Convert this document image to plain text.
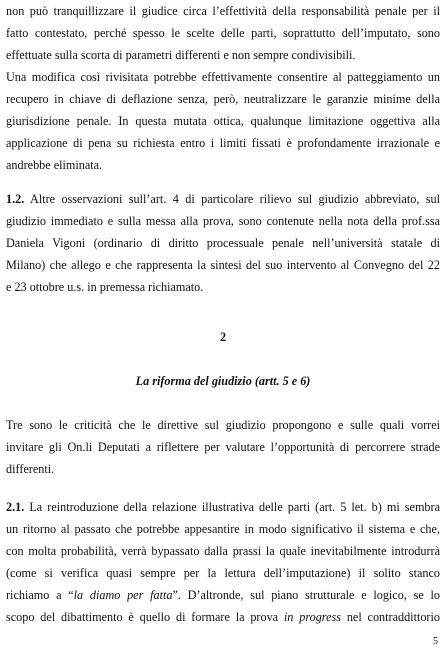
non può tranquillizzare il giudice circa l’effettività della responsabilità penale per il
fatto contestato, perché spesso le scelte delle parti, soprattutto dell’imputato, sono
effettuate sulla scorta di parametri differenti e non sempre condivisibili.
Una modifica così rivisitata potrebbe effettivamente consentire al patteggiamento un
recupero in chiave di deflazione senza, però, neutralizzare le garanzie minime della
giurisdizione penale. In questa mutata ottica, qualunque limitazione oggettiva alla
applicazione di pena su richiesta entro i limiti fissati è profondamente irrazionale e
andrebbe eliminata.
1.2. Altre osservazioni sull’art. 4 di particolare rilievo sul giudizio abbreviato, sul
giudizio immediato e sulla messa alla prova, sono contenute nella nota della prof.ssa
Daniela Vigoni (ordinario di diritto processuale penale nell’università statale di
Milano) che allego e che rappresenta la sintesi del suo intervento al Convegno del 22
e 23 ottobre u.s. in premessa richiamato.
2
La riforma del giudizio (artt. 5 e 6)
Tre sono le criticità che le direttive sul giudizio propongono e sulle quali vorrei
invitare gli On.li Deputati a riflettere per valutare l’opportunità di percorrere strade
differenti.
2.1. La reintroduzione della relazione illustrativa delle parti (art. 5 let. b) mi sembra
un ritorno al passato che potrebbe appesantire in modo significativo il sistema e che,
con molta probabilità, verrà bypassato dalla prassi la quale inevitabilmente introdurrà
(come si verifica quasi sempre per la lettura dell’imputazione) il solito stanco
richiamo a “la diamo per fatta”. D’altronde, sul piano strutturale e logico, se lo
scopo del dibattimento è quello di formare la prova in progress nel contraddittorio
5
